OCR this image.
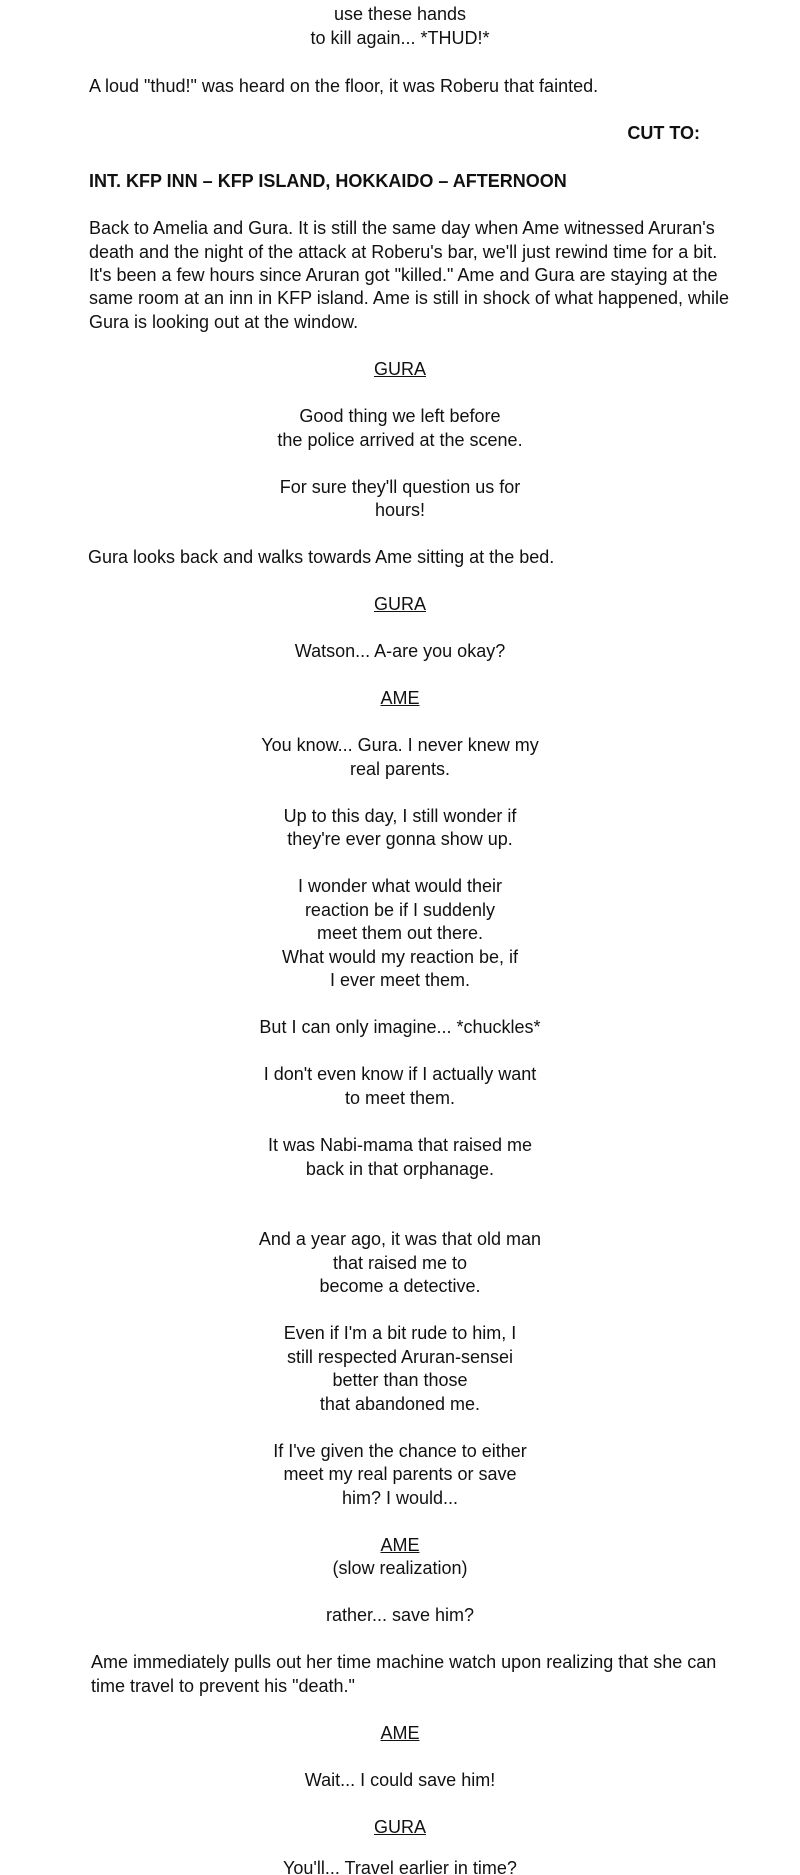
use these hands
to kill again... *THUD!*
A loud "thud!" was heard on the floor, it was Roberu that fainted.
CUT TO:
INT. KFP INN – KFP ISLAND, HOKKAIDO – AFTERNOON
Back to Amelia and Gura. It is still the same day when Ame witnessed Aruran's
death and the night of the attack at Roberu's bar, we'll just rewind time for a bit.
It's been a few hours since Aruran got "killed." Ame and Gura are staying at the
same room at an inn in KFP island. Ame is still in shock of what happened, while
Gura is looking out at the window.
GURA
Good thing we left before
the police arrived at the scene.
For sure they'll question us for
hours!
Gura looks back and walks towards Ame sitting at the bed.
GURA
Watson... A-are you okay?
AME
You know... Gura. I never knew my
real parents.
Up to this day, I still wonder if
they're ever gonna show up.
I wonder what would their
reaction be if I suddenly
meet them out there.
What would my reaction be, if
I ever meet them.
But I can only imagine... *chuckles*
I don't even know if I actually want
to meet them.
It was Nabi-mama that raised me
back in that orphanage.
And a year ago, it was that old man
that raised me to
become a detective.
Even if I'm a bit rude to him, I
still respected Aruran-sensei
better than those
that abandoned me.
If I've given the chance to either
meet my real parents or save
him? I would...
AME
(slow realization)
rather... save him?
Ame immediately pulls out her time machine watch upon realizing that she can
time travel to prevent his "death."
AME
Wait... I could save him!
GURA
You'll... Travel earlier in time?
